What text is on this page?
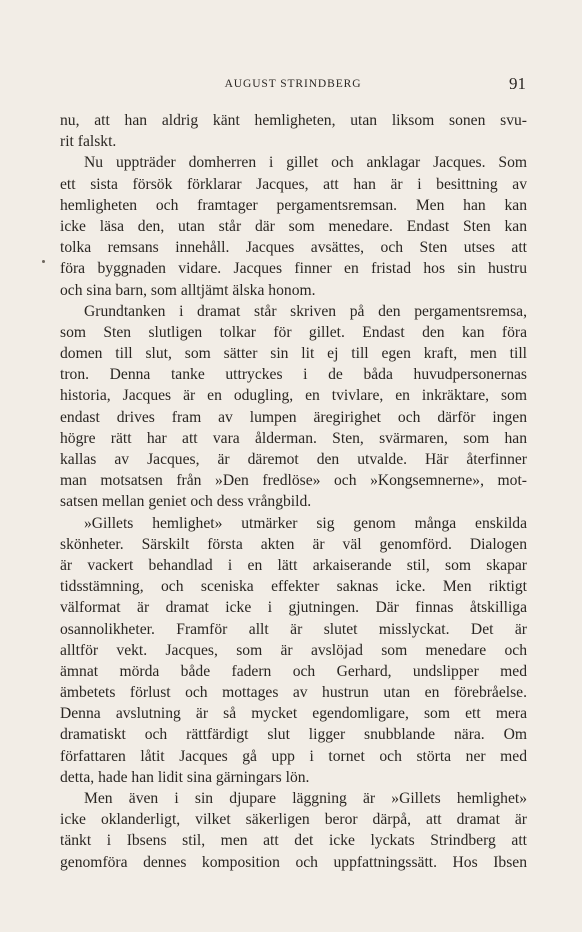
AUGUST STRINDBERG	91
nu, att han aldrig känt hemligheten, utan liksom sonen svu-
rit falskt.
Nu uppträder domherren i gillet och anklagar Jacques. Som
ett sista försök förklarar Jacques, att han är i besittning av
hemligheten och framtager pergamentsremsan. Men han kan
icke läsa den, utan står där som menedare. Endast Sten kan
tolka remsans innehåll. Jacques avsättes, och Sten utses att
föra byggnaden vidare. Jacques finner en fristad hos sin hustru
och sina barn, som alltjämt älska honom.
Grundtanken i dramat står skriven på den pergamentsremsa,
som Sten slutligen tolkar för gillet. Endast den kan föra
domen till slut, som sätter sin lit ej till egen kraft, men till
tron. Denna tanke uttryckes i de båda huvudpersonernas
historia, Jacques är en odugling, en tvivlare, en inkräktare, som
endast drives fram av lumpen äregirighet och därför ingen
högre rätt har att vara ålderman. Sten, svärmaren, som han
kallas av Jacques, är däremot den utvalde. Här återfinner
man motsatsen från »Den fredlöse» och »Kongsemnerne», mot-
satsen mellan geniet och dess vrångbild.
»Gillets hemlighet» utmärker sig genom många enskilda
skönheter. Särskilt första akten är väl genomförd. Dialogen
är vackert behandlad i en lätt arkaiserande stil, som skapar
tidsstämning, och sceniska effekter saknas icke. Men riktigt
välformat är dramat icke i gjutningen. Där finnas åtskilliga
osannolikheter. Framför allt är slutet misslyckat. Det är
alltför vekt. Jacques, som är avslöjad som menedare och
ämnat mörda både fadern och Gerhard, undslipper med
ämbetets förlust och mottages av hustrun utan en förebråelse.
Denna avslutning är så mycket egendomligare, som ett mera
dramatiskt och rättfärdigt slut ligger snubblande nära. Om
författaren låtit Jacques gå upp i tornet och störta ner med
detta, hade han lidit sina gärningars lön.
Men även i sin djupare läggning är »Gillets hemlighet»
icke oklanderligt, vilket säkerligen beror därpå, att dramat är
tänkt i Ibsens stil, men att det icke lyckats Strindberg att
genomföra dennes komposition och uppfattningssätt. Hos Ibsen
